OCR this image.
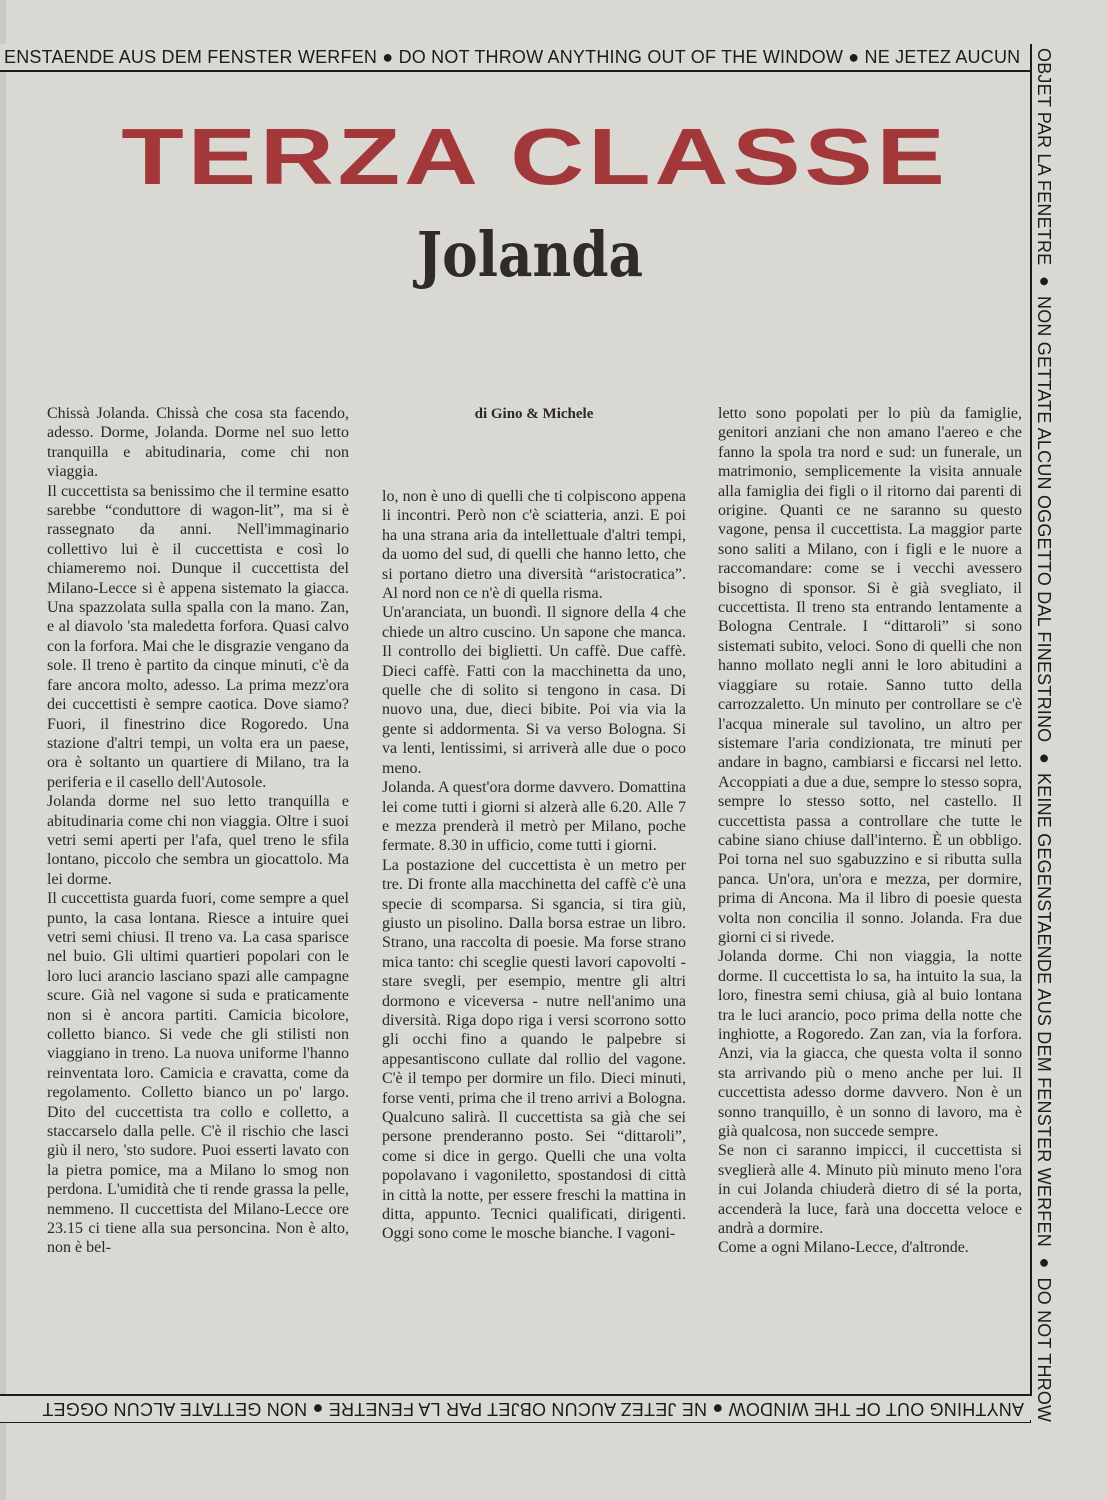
ENSTAENDE AUS DEM FENSTER WERFEN ● DO NOT THROW ANYTHING OUT OF THE WINDOW ● NE JETEZ AUCUN OBJET PAR LA FENETRE ● NON GETTATE ALCUN OGGETTO DAL FINESTRINO ● KEINE GEGENSTAENDE AUS DEM FENSTER WERFEN ● DO NOT THROW
ANYTHING OUT OF THE WINDOW ● NE JETEZ AUCUN OBJET PAR LA FENETRE ● NON GETTATE ALCUN OGGET
TERZA CLASSE
Jolanda

Chissà Jolanda. Chissà che cosa sta facendo, adesso. Dorme, Jolanda. Dorme nel suo letto tranquilla e abitudinaria, come chi non viaggia.

Il cuccettista sa benissimo che il termine esatto sarebbe “conduttore di wagon-lit”, ma si è rassegnato da anni. Nell'immaginario collettivo lui è il cuccettista e così lo chiameremo noi. Dunque il cuccettista del Milano-Lecce si è appena sistemato la giacca. Una spazzolata sulla spalla con la mano. Zan, e al diavolo 'sta maledetta forfora. Quasi calvo con la forfora. Mai che le disgrazie vengano da sole. Il treno è partito da cinque minuti, c'è da fare ancora molto, adesso. La prima mezz'ora dei cuccettisti è sempre caotica. Dove siamo? Fuori, il finestrino dice Rogoredo. Una stazione d'altri tempi, un volta era un paese, ora è soltanto un quartiere di Milano, tra la periferia e il casello dell'Autosole.

Jolanda dorme nel suo letto tranquilla e abitudinaria come chi non viaggia. Oltre i suoi vetri semi aperti per l'afa, quel treno le sfila lontano, piccolo che sembra un giocattolo. Ma lei dorme.

Il cuccettista guarda fuori, come sempre a quel punto, la casa lontana. Riesce a intuire quei vetri semi chiusi. Il treno va. La casa sparisce nel buio. Gli ultimi quartieri popolari con le loro luci arancio lasciano spazi alle campagne scure. Già nel vagone si suda e praticamente non si è ancora partiti. Camicia bicolore, colletto bianco. Si vede che gli stilisti non viaggiano in treno. La nuova uniforme l'hanno reinventata loro. Camicia e cravatta, come da regolamento. Colletto bianco un po' largo. Dito del cuccettista tra collo e colletto, a staccarselo dalla pelle. C'è il rischio che lasci giù il nero, 'sto sudore. Puoi esserti lavato con la pietra pomice, ma a Milano lo smog non perdona. L'umidità che ti rende grassa la pelle, nemmeno. Il cuccettista del Milano-Lecce ore 23.15 ci tiene alla sua personcina. Non è alto, non è bel-

di Gino & Michele

lo, non è uno di quelli che ti colpiscono appena li incontri. Però non c'è sciatteria, anzi. E poi ha una strana aria da intellettuale d'altri tempi, da uomo del sud, di quelli che hanno letto, che si portano dietro una diversità “aristocratica”. Al nord non ce n'è di quella risma.

Un'aranciata, un buondì. Il signore della 4 che chiede un altro cuscino. Un sapone che manca. Il controllo dei biglietti. Un caffè. Due caffè. Dieci caffè. Fatti con la macchinetta da uno, quelle che di solito si tengono in casa. Di nuovo una, due, dieci bibite. Poi via via la gente si addormenta. Si va verso Bologna. Si va lenti, lentissimi, si arriverà alle due o poco meno.

Jolanda. A quest'ora dorme davvero. Domattina lei come tutti i giorni si alzerà alle 6.20. Alle 7 e mezza prenderà il metrò per Milano, poche fermate. 8.30 in ufficio, come tutti i giorni.

La postazione del cuccettista è un metro per tre. Di fronte alla macchinetta del caffè c'è una specie di scomparsa. Si sgancia, si tira giù, giusto un pisolino. Dalla borsa estrae un libro. Strano, una raccolta di poesie. Ma forse strano mica tanto: chi sceglie questi lavori capovolti - stare svegli, per esempio, mentre gli altri dormono e viceversa - nutre nell'animo una diversità. Riga dopo riga i versi scorrono sotto gli occhi fino a quando le palpebre si appesantiscono cullate dal rollio del vagone. C'è il tempo per dormire un filo. Dieci minuti, forse venti, prima che il treno arrivi a Bologna. Qualcuno salirà. Il cuccettista sa già che sei persone prenderanno posto. Sei “dittaroli”, come si dice in gergo. Quelli che una volta popolavano i vagoniletto, spostandosi di città in città la notte, per essere freschi la mattina in ditta, appunto. Tecnici qualificati, dirigenti. Oggi sono come le mosche bianche. I vagoni-

letto sono popolati per lo più da famiglie, genitori anziani che non amano l'aereo e che fanno la spola tra nord e sud: un funerale, un matrimonio, semplicemente la visita annuale alla famiglia dei figli o il ritorno dai parenti di origine. Quanti ce ne saranno su questo vagone, pensa il cuccettista. La maggior parte sono saliti a Milano, con i figli e le nuore a raccomandare: come se i vecchi avessero bisogno di sponsor. Si è già svegliato, il cuccettista. Il treno sta entrando lentamente a Bologna Centrale. I “dittaroli” si sono sistemati subito, veloci. Sono di quelli che non hanno mollato negli anni le loro abitudini a viaggiare su rotaie. Sanno tutto della carrozzaletto. Un minuto per controllare se c'è l'acqua minerale sul tavolino, un altro per sistemare l'aria condizionata, tre minuti per andare in bagno, cambiarsi e ficcarsi nel letto. Accoppiati a due a due, sempre lo stesso sopra, sempre lo stesso sotto, nel castello. Il cuccettista passa a controllare che tutte le cabine siano chiuse dall'interno. È un obbligo. Poi torna nel suo sgabuzzino e si ributta sulla panca. Un'ora, un'ora e mezza, per dormire, prima di Ancona. Ma il libro di poesie questa volta non concilia il sonno. Jolanda. Fra due giorni ci si rivede.

Jolanda dorme. Chi non viaggia, la notte dorme. Il cuccettista lo sa, ha intuito la sua, la loro, finestra semi chiusa, già al buio lontana tra le luci arancio, poco prima della notte che inghiotte, a Rogoredo. Zan zan, via la forfora. Anzi, via la giacca, che questa volta il sonno sta arrivando più o meno anche per lui. Il cuccettista adesso dorme davvero. Non è un sonno tranquillo, è un sonno di lavoro, ma è già qualcosa, non succede sempre.

Se non ci saranno impicci, il cuccettista si sveglierà alle 4. Minuto più minuto meno l'ora in cui Jolanda chiuderà dietro di sé la porta, accenderà la luce, farà una doccetta veloce e andrà a dormire.

Come a ogni Milano-Lecce, d'altronde.
